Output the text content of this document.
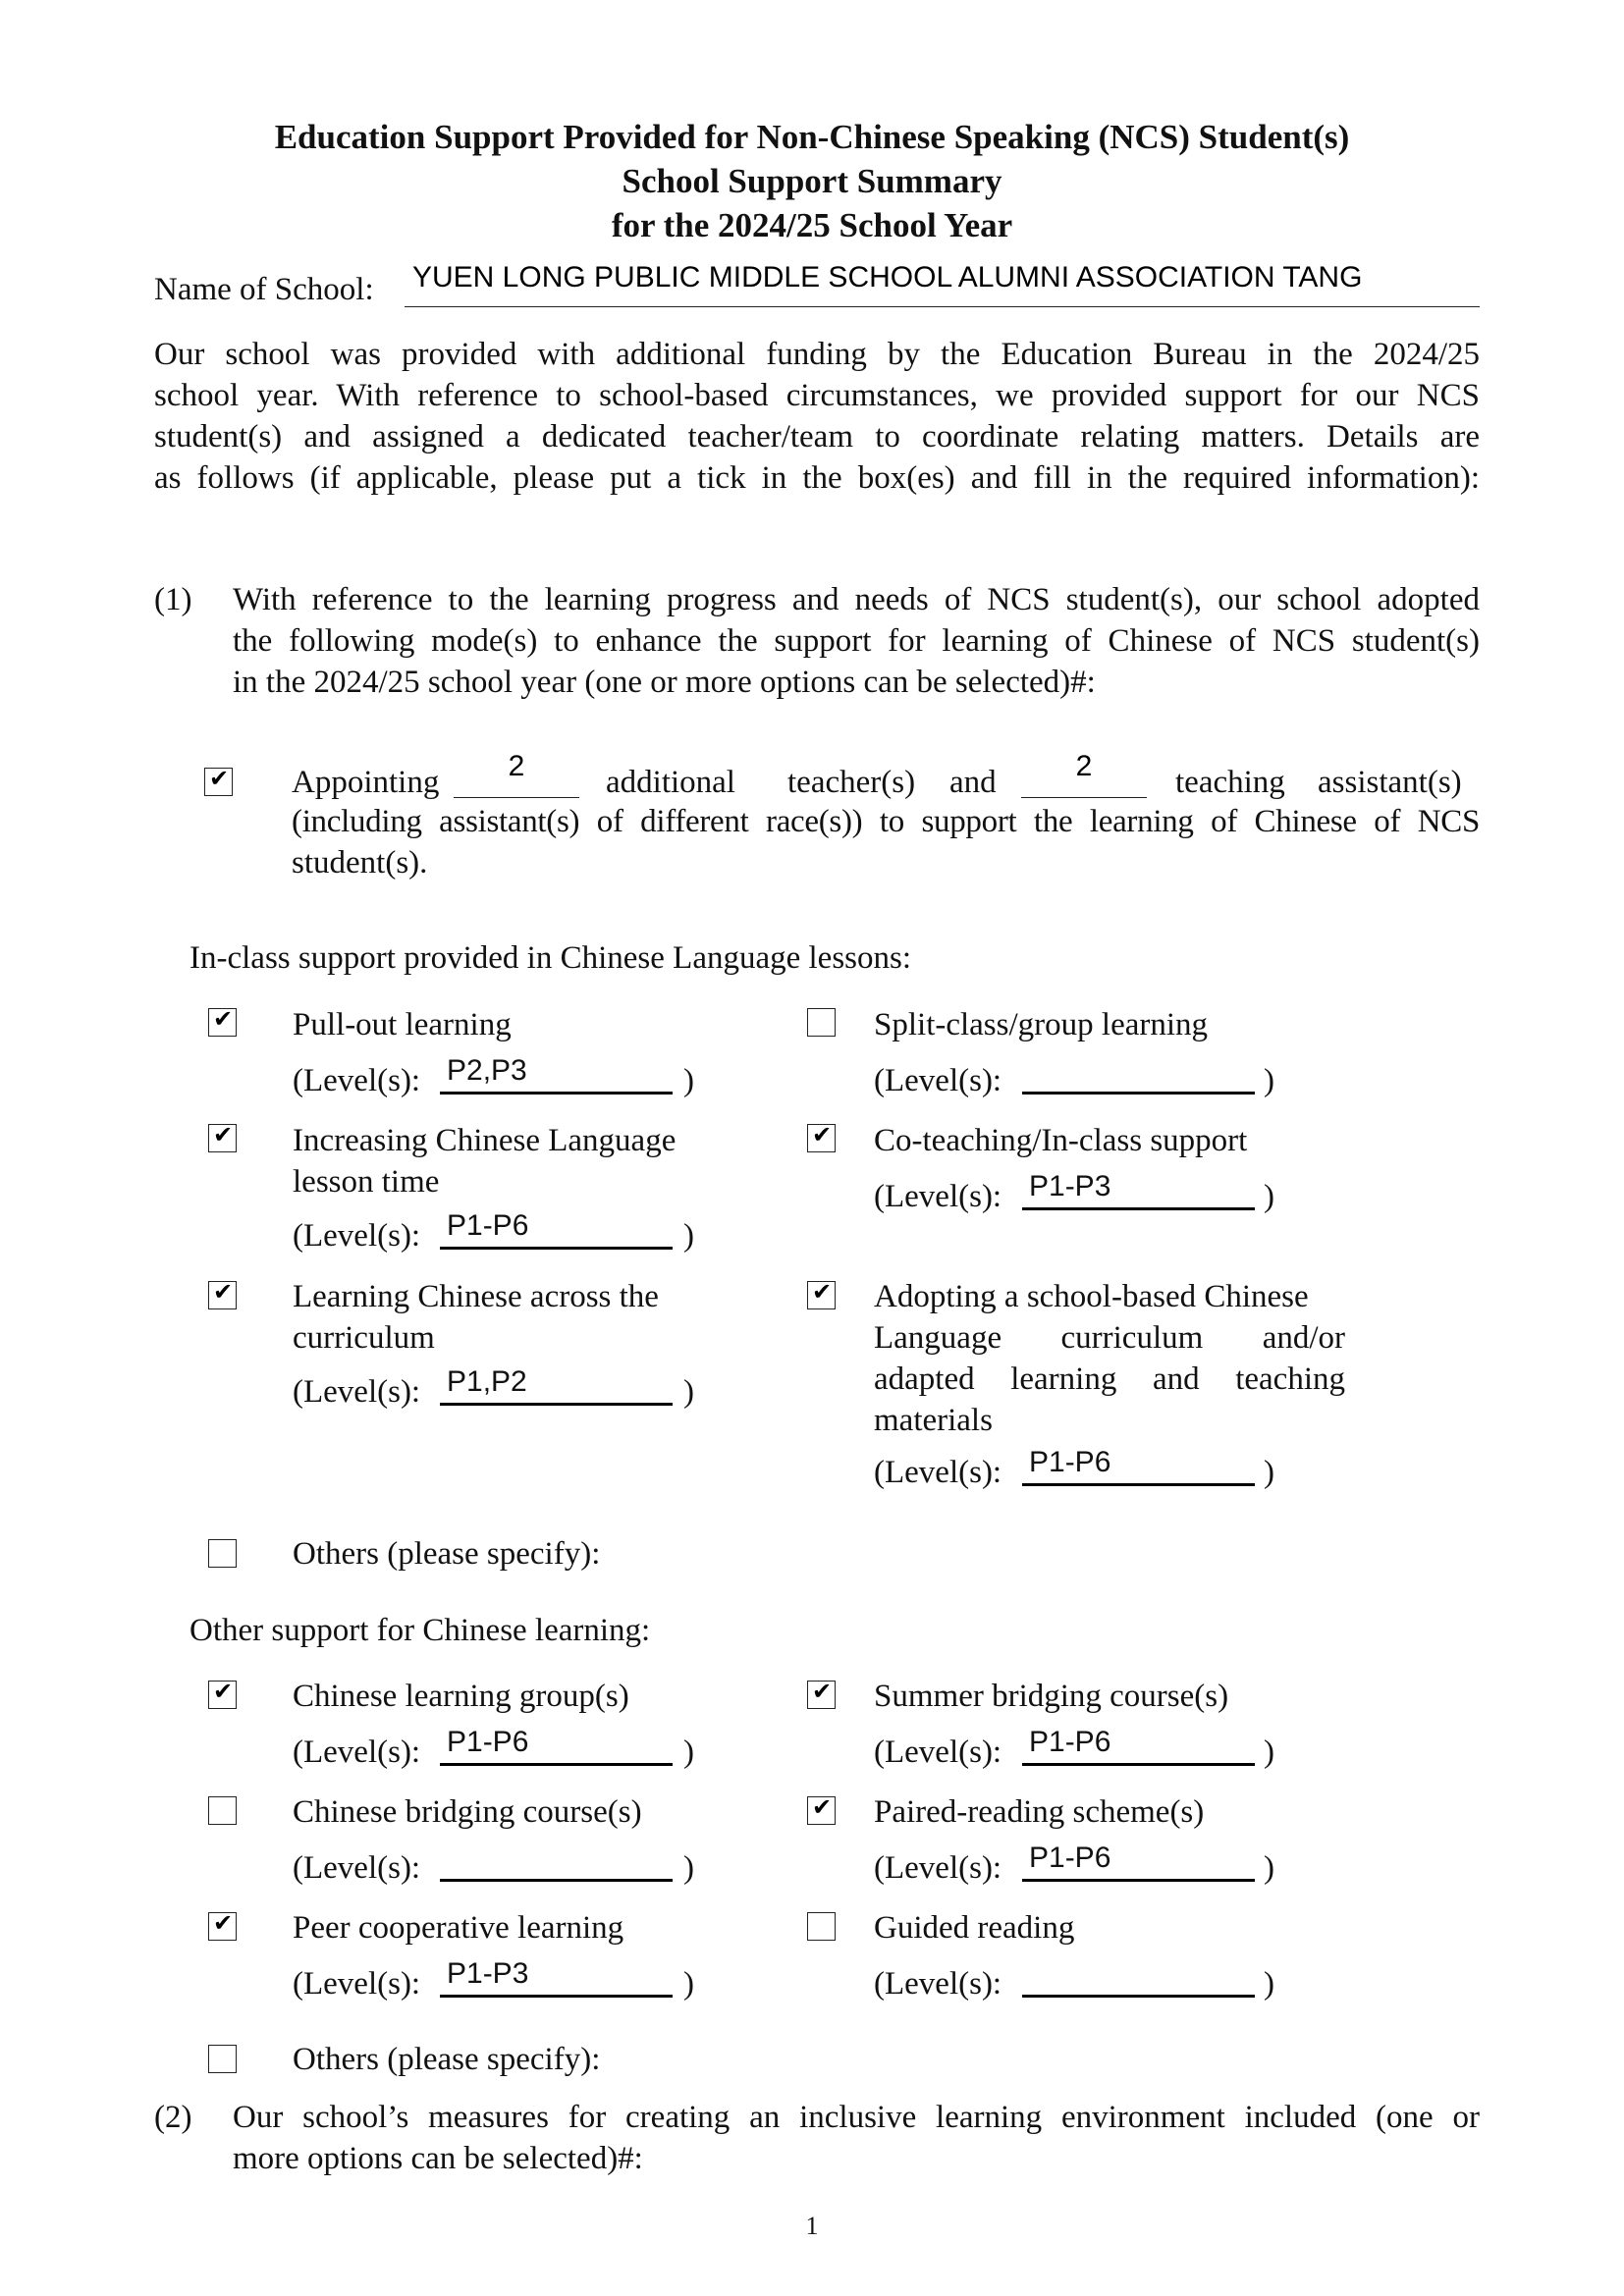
Education Support Provided for Non-Chinese Speaking (NCS) Student(s)
School Support Summary
for the 2024/25 School Year
Name of School: YUEN LONG PUBLIC MIDDLE SCHOOL ALUMNI ASSOCIATION TANG
Our school was provided with additional funding by the Education Bureau in the 2024/25
school year. With reference to school-based circumstances, we provided support for our NCS
student(s) and assigned a dedicated teacher/team to coordinate relating matters. Details are
as follows (if applicable, please put a tick in the box(es) and fill in the required information):
(1) With reference to the learning progress and needs of NCS student(s), our school adopted
the following mode(s) to enhance the support for learning of Chinese of NCS student(s)
in the 2024/25 school year (one or more options can be selected)#:
✔ Appointing	2	additional teacher(s) and	2	teaching assistant(s)
(including assistant(s) of different race(s)) to support the learning of Chinese of NCS
student(s).
In-class support provided in Chinese Language lessons:
✔ Pull-out learning
(Level(s): P2,P3	)
Split-class/group learning
(Level(s):	)
✔ Increasing Chinese Language
lesson time
(Level(s): P1-P6	)
✔ Co-teaching/In-class support
(Level(s): P1-P3	)
✔ Learning Chinese across the
curriculum
(Level(s): P1,P2	)
✔ Adopting a school-based Chinese
Language curriculum and/or
adapted learning and teaching
materials
(Level(s): P1-P6	)
Others (please specify):
Other support for Chinese learning:
✔ Chinese learning group(s)
(Level(s): P1-P6	)
✔ Summer bridging course(s)
(Level(s): P1-P6	)
Chinese bridging course(s)
(Level(s):	)
✔ Paired-reading scheme(s)
(Level(s): P1-P6	)
✔ Peer cooperative learning
(Level(s): P1-P3	)
Guided reading
(Level(s):	)
Others (please specify):
(2) Our school’s measures for creating an inclusive learning environment included (one or
more options can be selected)#:
1
